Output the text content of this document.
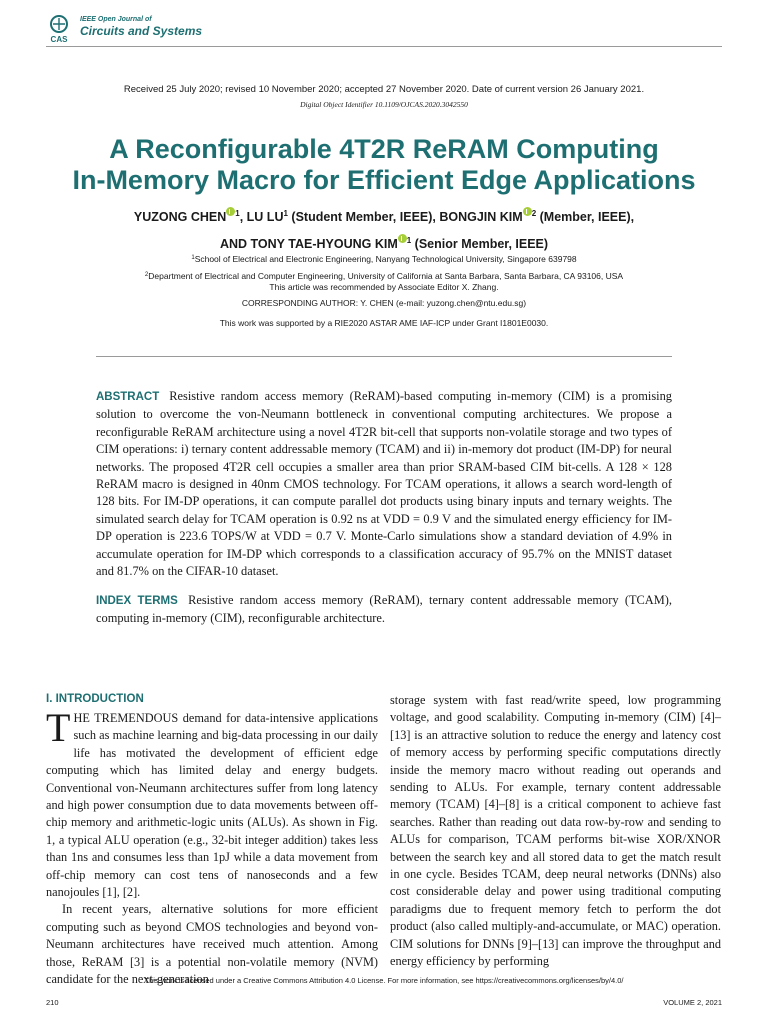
CAS
IEEE Open Journal of
Circuits and Systems
Received 25 July 2020; revised 10 November 2020; accepted 27 November 2020. Date of current version 26 January 2021.
Digital Object Identifier 10.1109/OJCAS.2020.3042550
A Reconfigurable 4T2R ReRAM Computing
In-Memory Macro for Efficient Edge Applications
YUZONG CHEN $^1$, LU $LU^1$ (Student Member, IEEE), BONGJIN KIM $^2$ (Member, IEEE),
AND TONY TAE-HYOUNG KIM $^1$ (Senior Member, IEEE)
$^1$School of Electrical and Electronic Engineering, Nanyang Technological University, Singapore 639798
$^2$Department of Electrical and Computer Engineering, University of California at Santa Barbara, Santa Barbara, CA 93106, USA
This article was recommended by Associate Editor X. Zhang.
CORRESPONDING AUTHOR: Y. CHEN (e-mail: yuzong.chen@ntu.edu.sg)
This work was supported by a RIE2020 ASTAR AME IAF-ICP under Grant I1801E0030.
ABSTRACT Resistive random access memory (ReRAM)-based computing in-memory (CIM) is a promising solution to overcome the von-Neumann bottleneck in conventional computing architectures. We propose a reconfigurable ReRAM architecture using a novel 4T2R bit-cell that supports non-volatile storage and two types of CIM operations: i) ternary content addressable memory (TCAM) and ii) in-memory dot product (IM-DP) for neural networks. The proposed 4T2R cell occupies a smaller area than prior SRAM-based CIM bit-cells. A 128 × 128 ReRAM macro is designed in 40nm CMOS technology. For TCAM operations, it allows a search word-length of 128 bits. For IM-DP operations, it can compute parallel dot products using binary inputs and ternary weights. The simulated search delay for TCAM operation is 0.92 ns at VDD = 0.9 V and the simulated energy efficiency for IM-DP operation is 223.6 TOPS/W at VDD = 0.7 V. Monte-Carlo simulations show a standard deviation of 4.9% in accumulate operation for IM-DP which corresponds to a classification accuracy of 95.7% on the MNIST dataset and 81.7% on the CIFAR-10 dataset.
INDEX TERMS Resistive random access memory (ReRAM), ternary content addressable memory (TCAM), computing in-memory (CIM), reconfigurable architecture.
I. INTRODUCTION

THE TREMENDOUS demand for data-intensive applications such as machine learning and big-data processing in our daily life has motivated the development of efficient edge computing which has limited delay and energy budgets. Conventional von-Neumann architectures suffer from long latency and high power consumption due to data movements between off-chip memory and arithmetic-logic units (ALUs). As shown in Fig. 1, a typical ALU operation (e.g., 32-bit integer addition) takes less than 1ns and consumes less than 1pJ while a data movement from off-chip memory can cost tens of nanoseconds and a few nanojoules [1], [2].

In recent years, alternative solutions for more efficient computing such as beyond CMOS technologies and beyond von-Neumann architectures have received much attention. Among those, ReRAM [3] is a potential non-volatile memory (NVM) candidate for the next-generation

storage system with fast read/write speed, low programming voltage, and good scalability. Computing in-memory (CIM) [4]–[13] is an attractive solution to reduce the energy and latency cost of memory access by performing specific computations directly inside the memory macro without reading out operands and sending to ALUs. For example, ternary content addressable memory (TCAM) [4]–[8] is a critical component to achieve fast searches. Rather than reading out data row-by-row and sending to ALUs for comparison, TCAM performs bit-wise XOR/XNOR between the search key and all stored data to get the match result in one cycle. Besides TCAM, deep neural networks (DNNs) also cost considerable delay and power using traditional computing paradigms due to frequent memory fetch to perform the dot product (also called multiply-and-accumulate, or MAC) operation. CIM solutions for DNNs [9]–[13] can improve the throughput and energy efficiency by performing

This work is licensed under a Creative Commons Attribution 4.0 License. For more information, see https://creativecommons.org/licenses/by/4.0/
210	VOLUME 2, 2021
